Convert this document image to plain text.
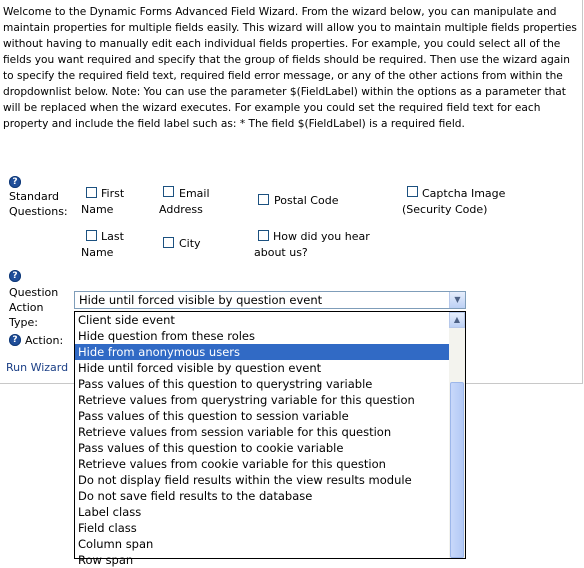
Welcome to the Dynamic Forms Advanced Field Wizard. From the wizard below, you can manipulate and maintain properties for multiple fields easily. This wizard will allow you to maintain multiple fields properties without having to manually edit each individual fields properties. For example, you could select all of the fields you want required and specify that the group of fields should be required. Then use the wizard again to specify the required field text, required field error message, or any of the other actions from within the dropdownlist below. Note: You can use the parameter $(FieldLabel) within the options as a parameter that will be replaced when the wizard executes. For example you could set the required field text for each property and include the field label such as: * The field $(FieldLabel) is a required field.

?
Standard
Questions:
First
Name
Email
Address
Postal Code
Captcha Image
(Security Code)
Last
Name
City
How did you hear
about us?
?
Question
Action
Type:
? Action:
Run Wizard
Hide until forced visible by question event	▼
Client side event
Hide question from these roles
Hide from anonymous users
Hide until forced visible by question event
Pass values of this question to querystring variable
Retrieve values from querystring variable for this question
Pass values of this question to session variable
Retrieve values from session variable for this question
Pass values of this question to cookie variable
Retrieve values from cookie variable for this question
Do not display field results within the view results module
Do not save field results to the database
Label class
Field class
Column span
Row span
▲
